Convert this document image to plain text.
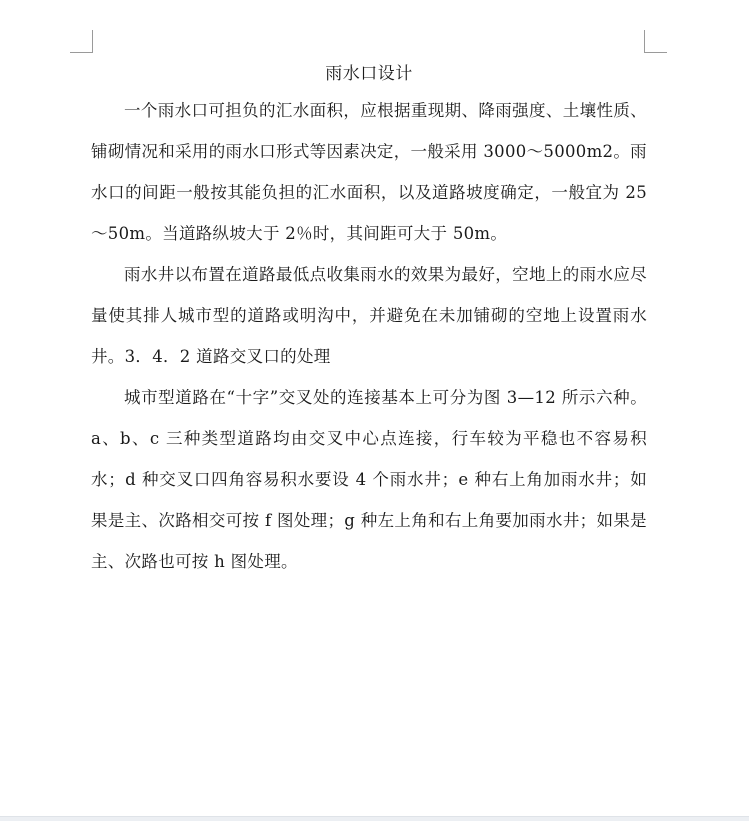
雨水口设计

一个雨水口可担负的汇水面积，应根据重现期、降雨强度、土壤性质、铺砌情况和采用的雨水口形式等因素决定，一般采用 3000～5000m2。雨水口的间距一般按其能负担的汇水面积，以及道路坡度确定，一般宜为 25～50m。当道路纵坡大于 2％时，其间距可大于 50m。

雨水井以布置在道路最低点收集雨水的效果为最好，空地上的雨水应尽量使其排人城市型的道路或明沟中，并避免在未加铺砌的空地上设置雨水井。3．4．2 道路交叉口的处理

城市型道路在“十字”交叉处的连接基本上可分为图 3—12 所示六种。a、b、c 三种类型道路均由交叉中心点连接，行车较为平稳也不容易积水；d 种交叉口四角容易积水要设 4 个雨水井；e 种右上角加雨水井；如果是主、次路相交可按 f 图处理；g 种左上角和右上角要加雨水井；如果是主、次路也可按 h 图处理。
